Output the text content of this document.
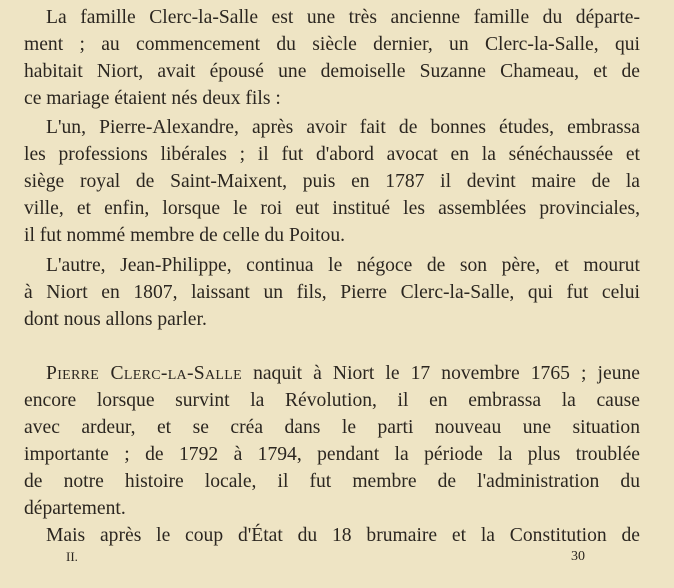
La famille Clerc-la-Salle est une très ancienne famille du départe-
ment ; au commencement du siècle dernier, un Clerc-la-Salle, qui
habitait Niort, avait épousé une demoiselle Suzanne Chameau, et de
ce mariage étaient nés deux fils :
L'un, Pierre-Alexandre, après avoir fait de bonnes études, embrassa
les professions libérales ; il fut d'abord avocat en la sénéchaussée et
siège royal de Saint-Maixent, puis en 1787 il devint maire de la
ville, et enfin, lorsque le roi eut institué les assemblées provinciales,
il fut nommé membre de celle du Poitou.
L'autre, Jean-Philippe, continua le négoce de son père, et mourut
à Niort en 1807, laissant un fils, Pierre Clerc-la-Salle, qui fut celui
dont nous allons parler.
Pierre Clerc-la-Salle naquit à Niort le 17 novembre 1765 ; jeune
encore lorsque survint la Révolution, il en embrassa la cause
avec ardeur, et se créa dans le parti nouveau une situation
importante ; de 1792 à 1794, pendant la période la plus troublée
de notre histoire locale, il fut membre de l'administration du
département.
Mais après le coup d'État du 18 brumaire et la Constitution de
II.	30
